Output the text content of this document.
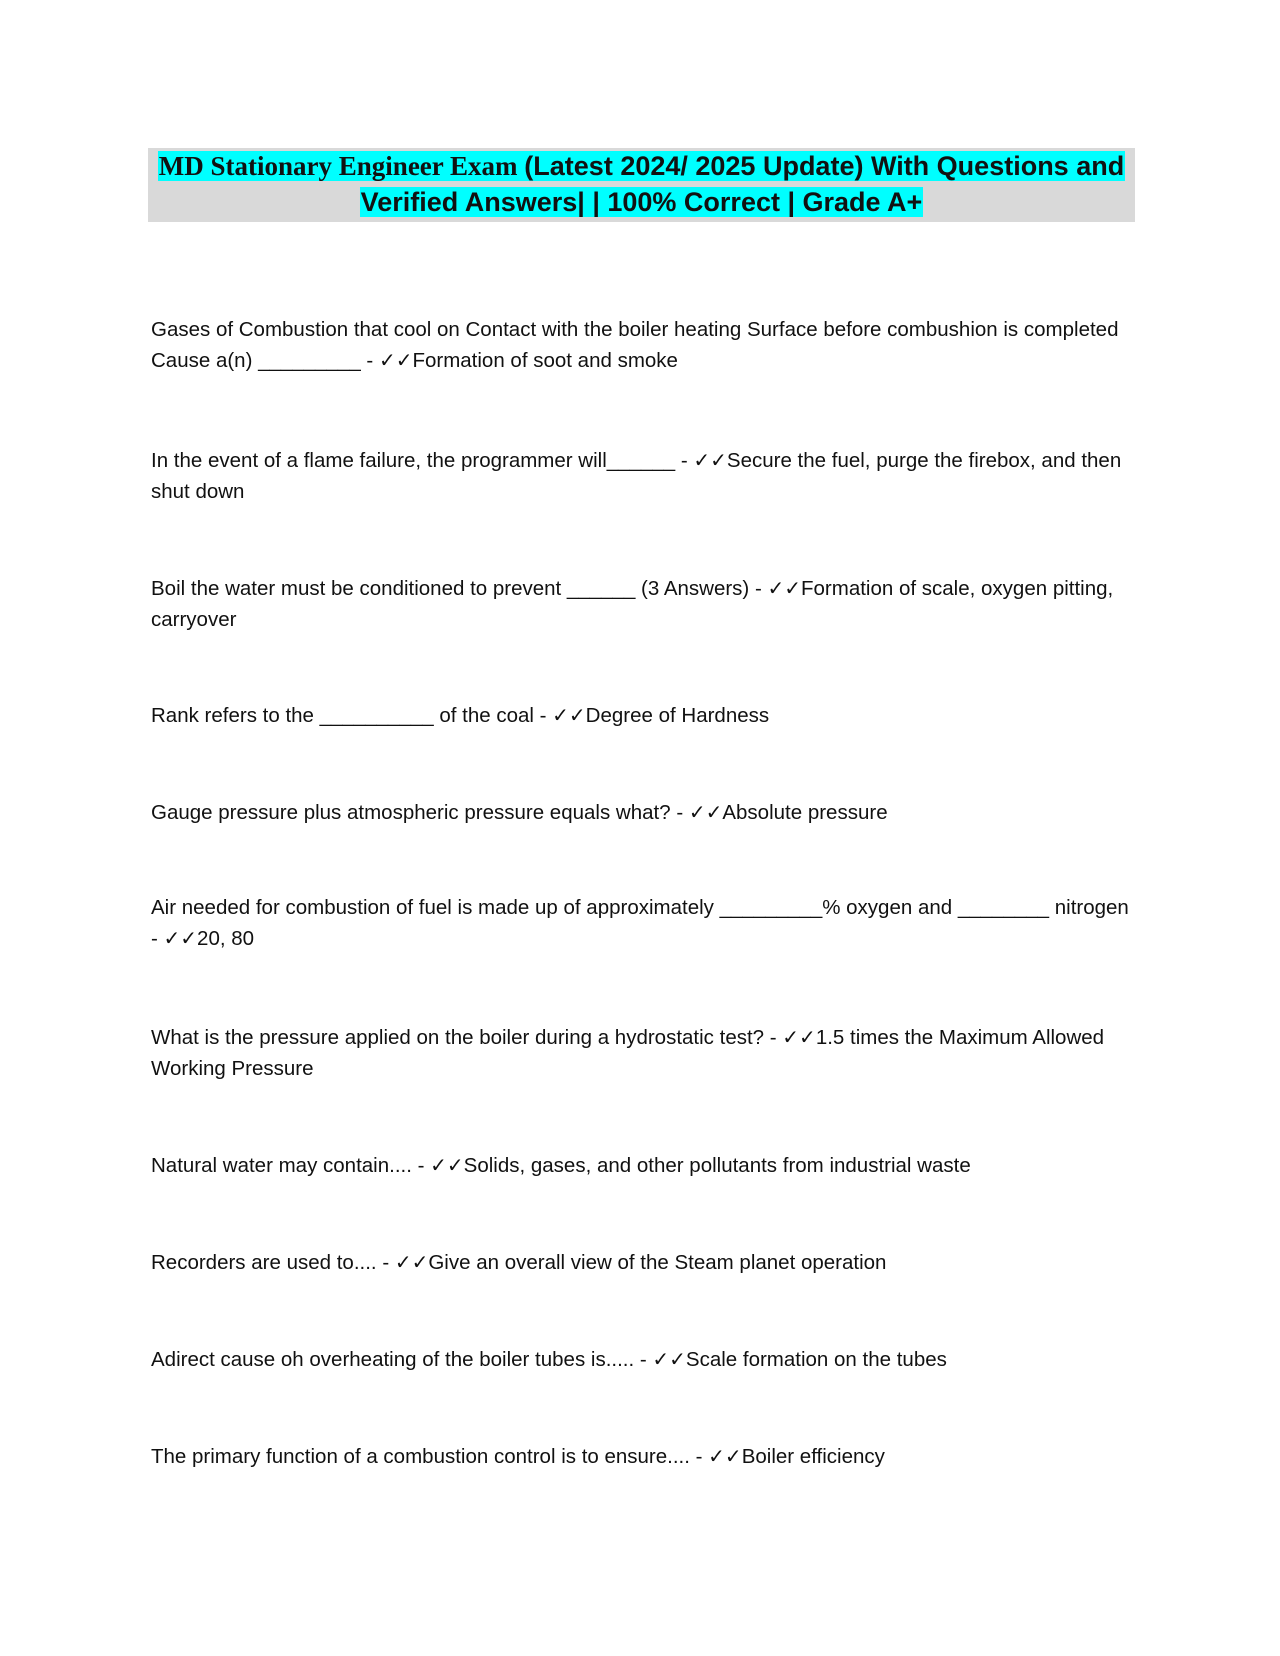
MD Stationary Engineer Exam (Latest 2024/ 2025 Update) With Questions and
Verified Answers| | 100% Correct | Grade A+

Gases of Combustion that cool on Contact with the boiler heating Surface before combushion is completed Cause a(n) _________ - ✓✓Formation of soot and smoke

In the event of a flame failure, the programmer will______ - ✓✓Secure the fuel, purge the firebox, and then shut down

Boil the water must be conditioned to prevent ______ (3 Answers) - ✓✓Formation of scale, oxygen pitting, carryover

Rank refers to the __________ of the coal - ✓✓Degree of Hardness

Gauge pressure plus atmospheric pressure equals what? - ✓✓Absolute pressure

Air needed for combustion of fuel is made up of approximately _________% oxygen and ________ nitrogen - ✓✓20, 80

What is the pressure applied on the boiler during a hydrostatic test? - ✓✓1.5 times the Maximum Allowed Working Pressure

Natural water may contain.... - ✓✓Solids, gases, and other pollutants from industrial waste

Recorders are used to.... - ✓✓Give an overall view of the Steam planet operation

Adirect cause oh overheating of the boiler tubes is..... - ✓✓Scale formation on the tubes

The primary function of a combustion control is to ensure.... - ✓✓Boiler efficiency
